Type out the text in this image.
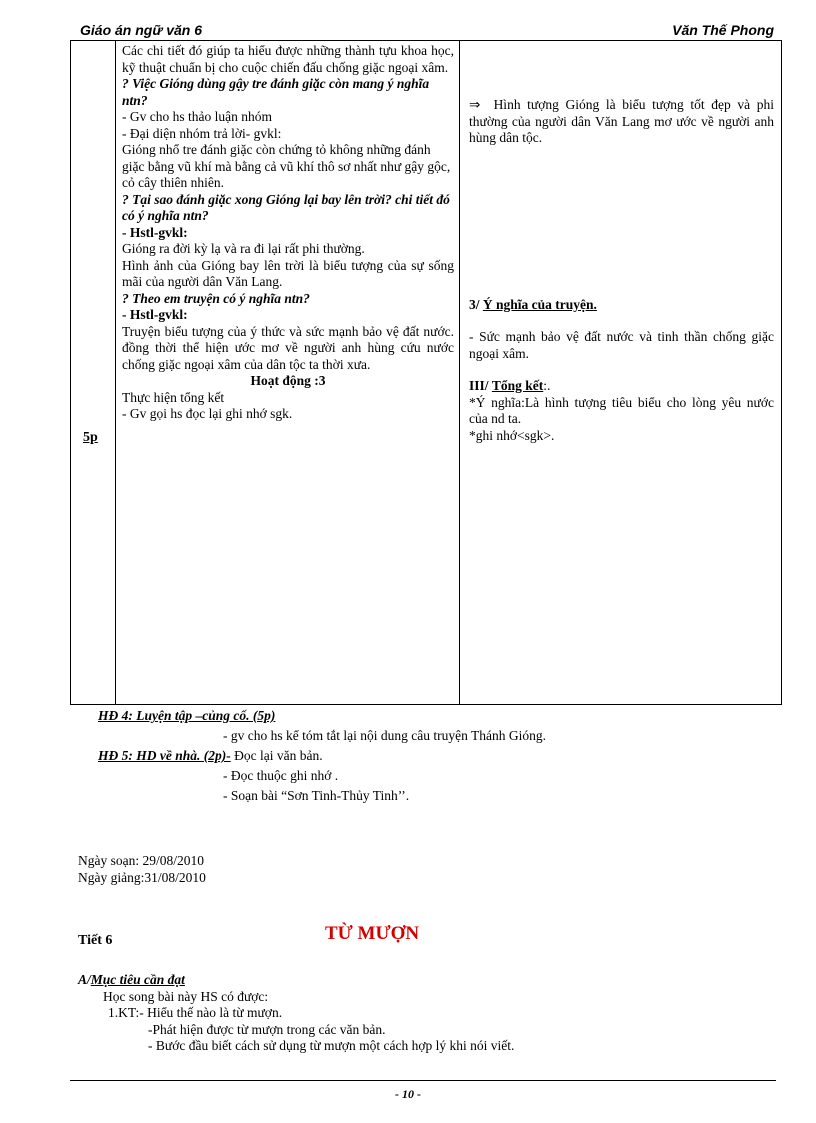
Giáo án ngữ văn 6	Văn Thế Phong
5p

Các chi tiết đó giúp ta hiểu được những thành tựu khoa học, kỹ thuật chuẩn bị cho cuộc chiến đấu chống giặc ngoại xâm.

? Việc Gióng dùng gậy tre đánh giặc còn mang ý nghĩa ntn?

- Gv cho hs thảo luận nhóm

- Đại diện nhóm trả lời- gvkl:

Gióng nhổ tre đánh giặc còn chứng tỏ không những đánh giặc bằng vũ khí mà bằng cả vũ khí thô sơ nhất như gậy gộc, cỏ cây thiên nhiên.

? Tại sao đánh giặc xong Gióng lại bay lên trời? chi tiết đó có ý nghĩa ntn?

- Hstl-gvkl:

Gióng ra đời kỳ lạ và ra đi lại rất phi thường.

Hình ảnh của Gióng bay lên trời là biểu tượng của sự sống mãi của người dân Văn Lang.

? Theo em truyện có ý nghĩa ntn?

- Hstl-gvkl:

Truyện biểu tượng của ý thức và sức mạnh bảo vệ đất nước. đồng thời thể hiện ước mơ về người anh hùng cứu nước chống giặc ngoại xâm của dân tộc ta thời xưa.

Hoạt động :3

Thực hiện tổng kết

- Gv gọi hs đọc lại ghi nhớ sgk.

⇒ Hình tượng Gióng là biểu tượng tốt đẹp và phi thường của người dân Văn Lang mơ ước về người anh hùng dân tộc.

3/ Ý nghĩa của truyện.

- Sức mạnh bảo vệ đất nước và tinh thần chống giặc ngoại xâm.

III/ Tổng kết:.

*Ý nghĩa:Là hình tượng tiêu biểu cho lòng yêu nước của nd ta.

*ghi nhớ<sgk>.

HĐ 4: Luyện tập –củng cố. (5p)
- gv cho hs kể tóm tắt lại nội dung câu truyện Thánh Gióng.
HĐ 5: HD về nhà. (2p)- Đọc lại văn bản.
- Đọc thuộc ghi nhớ .
- Soạn bài “Sơn Tinh-Thủy Tinh’’.
Ngày soạn: 29/08/2010
Ngày giảng:31/08/2010
Tiết 6	TỪ MƯỢN
A/Mục tiêu cần đạt
Học song bài này HS có được:
1.KT:- Hiểu thế nào là từ mượn.
-Phát hiện được từ mượn trong các văn bản.
- Bước đầu biết cách sử dụng từ mượn một cách hợp lý khi nói viết.
- 10 -
